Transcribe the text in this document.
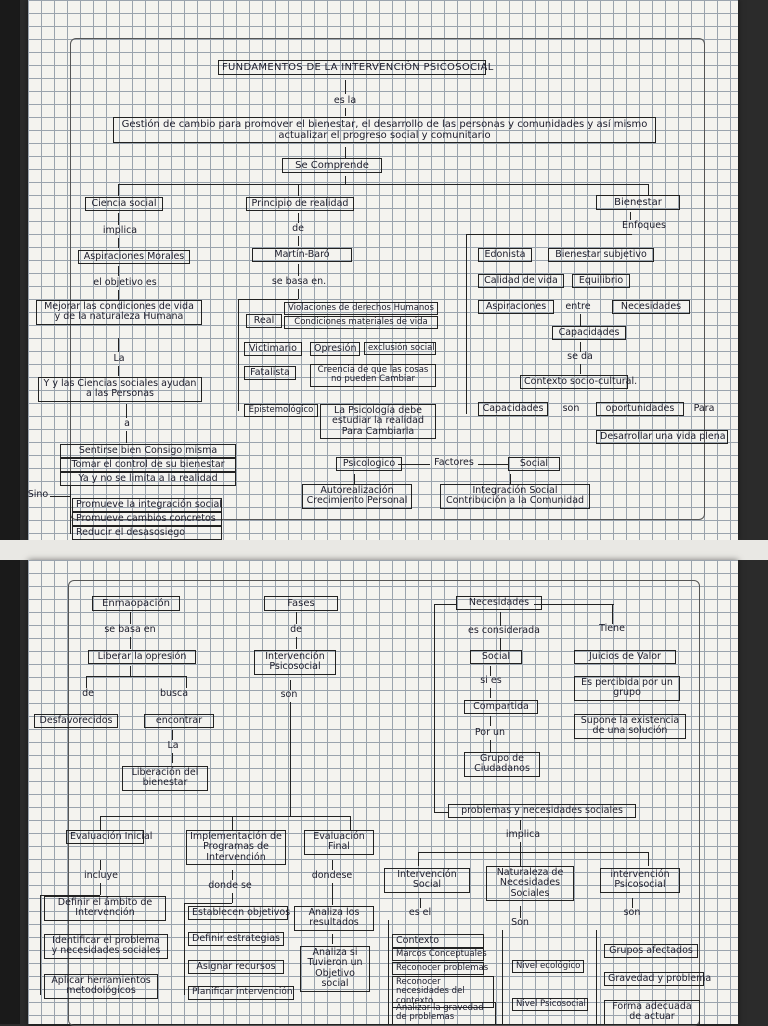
FUNDAMENTOS DE LA INTERVENCIÓN PSICOSOCIAL
es la
Gestión de cambio para promover el bienestar, el desarrollo de las personas y comunidades y así mismo actualizar el progreso social y comunitario
Se Comprende
Ciencia social
implica
Aspiraciones Morales
el objetivo es
Mejorar las condiciones de vida y de la naturaleza Humana
La
Y y las Ciencias sociales ayudan a las Personas
a
Sentirse bien Consigo misma
Tomar el control de su bienestar
Ya y no se limita a la realidad
Sino
Promueve la integración social
Promueve cambios concretos
Reducir el desasosiego
Principio de realidad
de
Martín-Baró
se basa en.
Real
Violaciones de derechos Humanos
Condiciones materiales de vida
Victimario	Opresión	exclusión social
Fatalista	Creencia de que las cosas no pueden Cambiar
Epistemológico	La Psicología debe estudiar la realidad Para Cambiarla
Bienestar
Enfoques
Edonista	Bienestar subjetivo
Calidad de vida	Equilibrio
Aspiraciones	entre	Necesidades
Capacidades
se da
Contexto socio-cultural.
Capacidades	son	oportunidades	Para
Desarrollar una vida plena
Psicologico	Factores	Social
Autorealización Crecimiento Personal
Integración Social Contribución a la Comunidad
Enmaopación
se basa en
Liberar la opresión
de	busca
Desfavorecidos	encontrar
La
Liberación del bienestar
Fases
de
Intervención Psicosocial
son
Necesidades
es considerada	Tiene
Social	Juicios de Valor
si es
Compartida
Es percibida por un grupo
Supone la existencia de una solución
Por un
Grupo de Ciudadanos
problemas y necesidades sociales
implica
Evaluación Inicial
incluye
Definir el ámbito de Intervención
Identificar el problema y necesidades sociales
Aplicar herramientos metodológicos
Implementación de Programas de Intervención
donde se
Establecen objetivos
Definir estrategias
Asignar recursos
Planificar intervención
Evaluación Final
dondese
Analiza los resultados
Analiza si Tuvieron un Objetivo social
Intervención Social
es el
Contexto
Marcos Conceptuales
Reconocer problemas
Reconocer necesidades del contexto
Analizar la gravedad de problemas
Naturaleza de Necesidades Sociales
Son
Nivel ecológico
Nivel Psicosocial
intervención Psicosocial
son
Grupos afectados
Gravedad y problema
Forma adecuada de actuar
